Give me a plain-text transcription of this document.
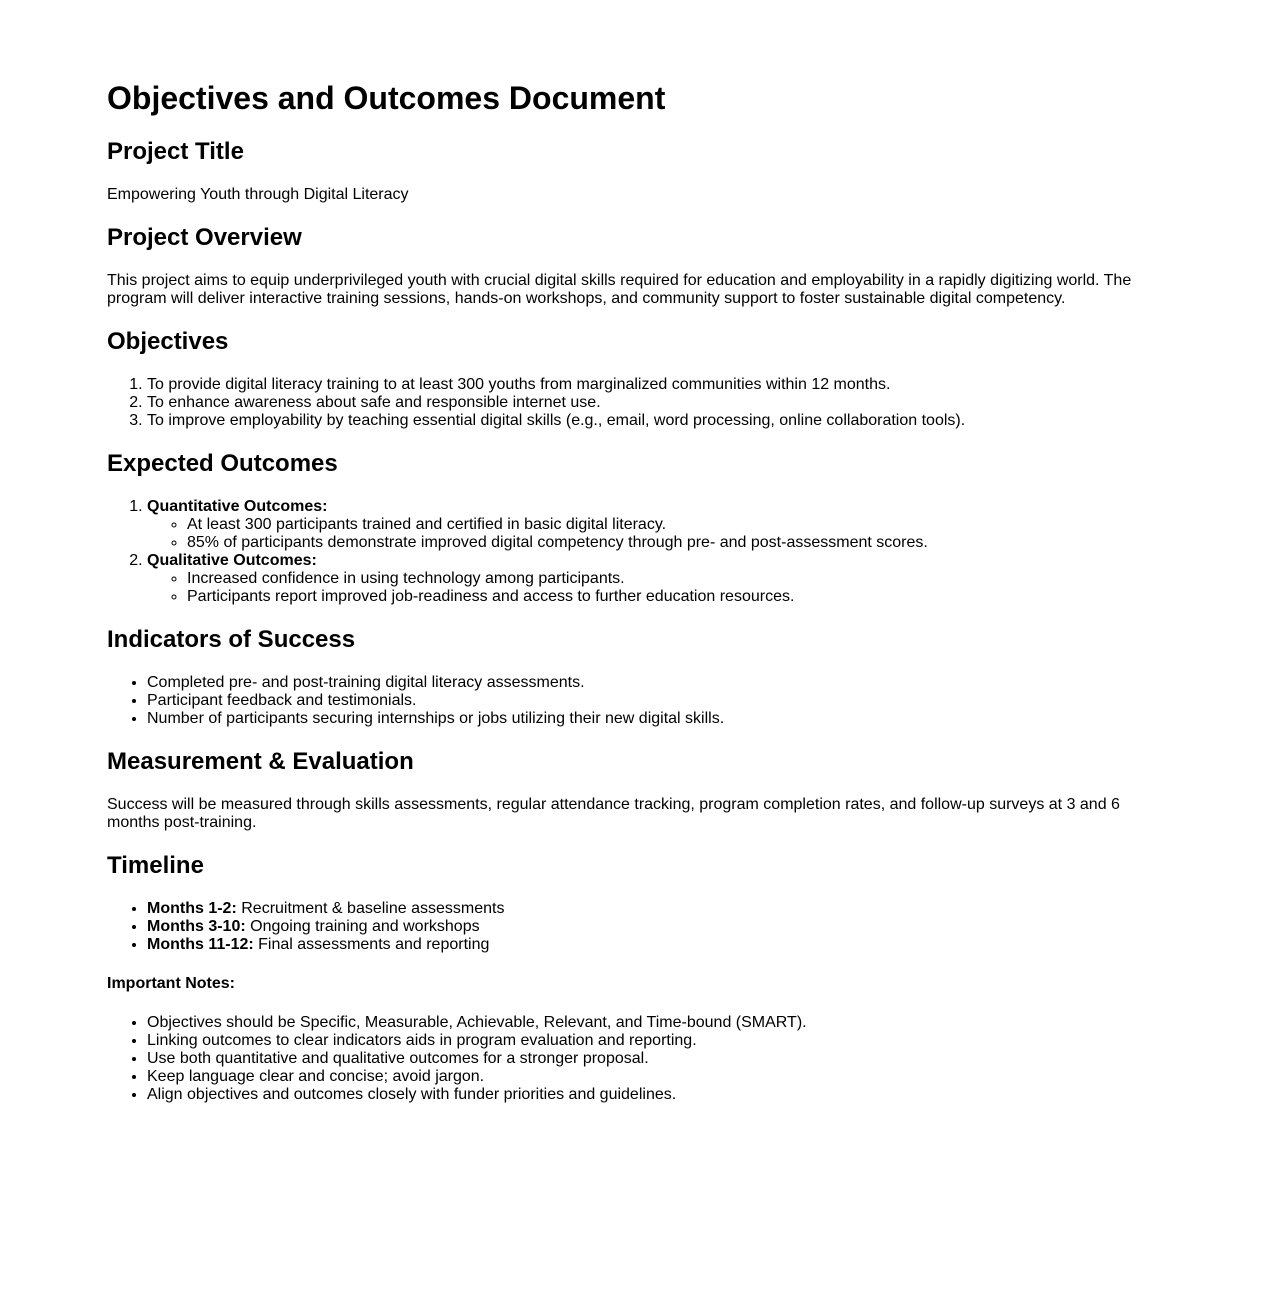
Objectives and Outcomes Document
Project Title

Empowering Youth through Digital Literacy

Project Overview

This project aims to equip underprivileged youth with crucial digital skills required for education and employability in a rapidly digitizing world. The program will deliver interactive training sessions, hands-on workshops, and community support to foster sustainable digital competency.

Objectives
1. To provide digital literacy training to at least 300 youths from marginalized communities within 12 months.
2. To enhance awareness about safe and responsible internet use.
3. To improve employability by teaching essential digital skills (e.g., email, word processing, online collaboration tools).
Expected Outcomes
1. Quantitative Outcomes:
◦ At least 300 participants trained and certified in basic digital literacy.
◦ 85% of participants demonstrate improved digital competency through pre- and post-assessment scores.
2. Qualitative Outcomes:
◦ Increased confidence in using technology among participants.
◦ Participants report improved job-readiness and access to further education resources.
Indicators of Success
• Completed pre- and post-training digital literacy assessments.
• Participant feedback and testimonials.
• Number of participants securing internships or jobs utilizing their new digital skills.
Measurement & Evaluation

Success will be measured through skills assessments, regular attendance tracking, program completion rates, and follow-up surveys at 3 and 6 months post-training.

Timeline
• Months 1-2: Recruitment & baseline assessments
• Months 3-10: Ongoing training and workshops
• Months 11-12: Final assessments and reporting
Important Notes:
• Objectives should be Specific, Measurable, Achievable, Relevant, and Time-bound (SMART).
• Linking outcomes to clear indicators aids in program evaluation and reporting.
• Use both quantitative and qualitative outcomes for a stronger proposal.
• Keep language clear and concise; avoid jargon.
• Align objectives and outcomes closely with funder priorities and guidelines.
